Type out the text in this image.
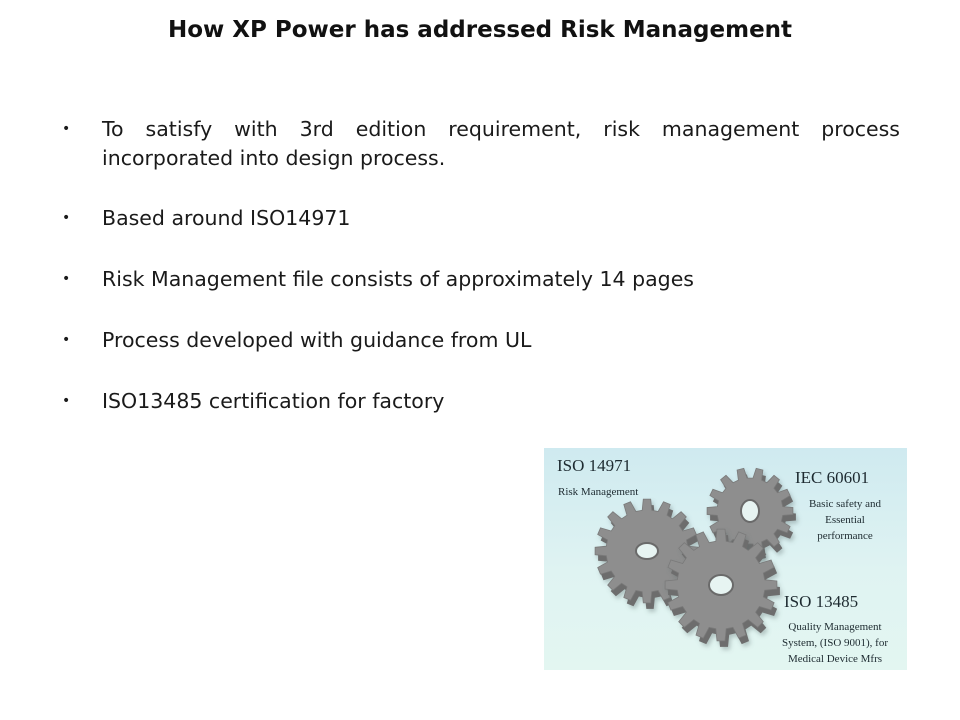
How XP Power has addressed Risk Management
• To satisfy with 3rd edition requirement, risk management process incorporated into design process.
• Based around ISO14971
• Risk Management file consists of approximately 14 pages
• Process developed with guidance from UL
• ISO13485 certification for factory
ISO 14971
Risk Management
IEC 60601
Basic safety and
Essential
performance
ISO 13485
Quality Management
System, (ISO 9001), for
Medical Device Mfrs
